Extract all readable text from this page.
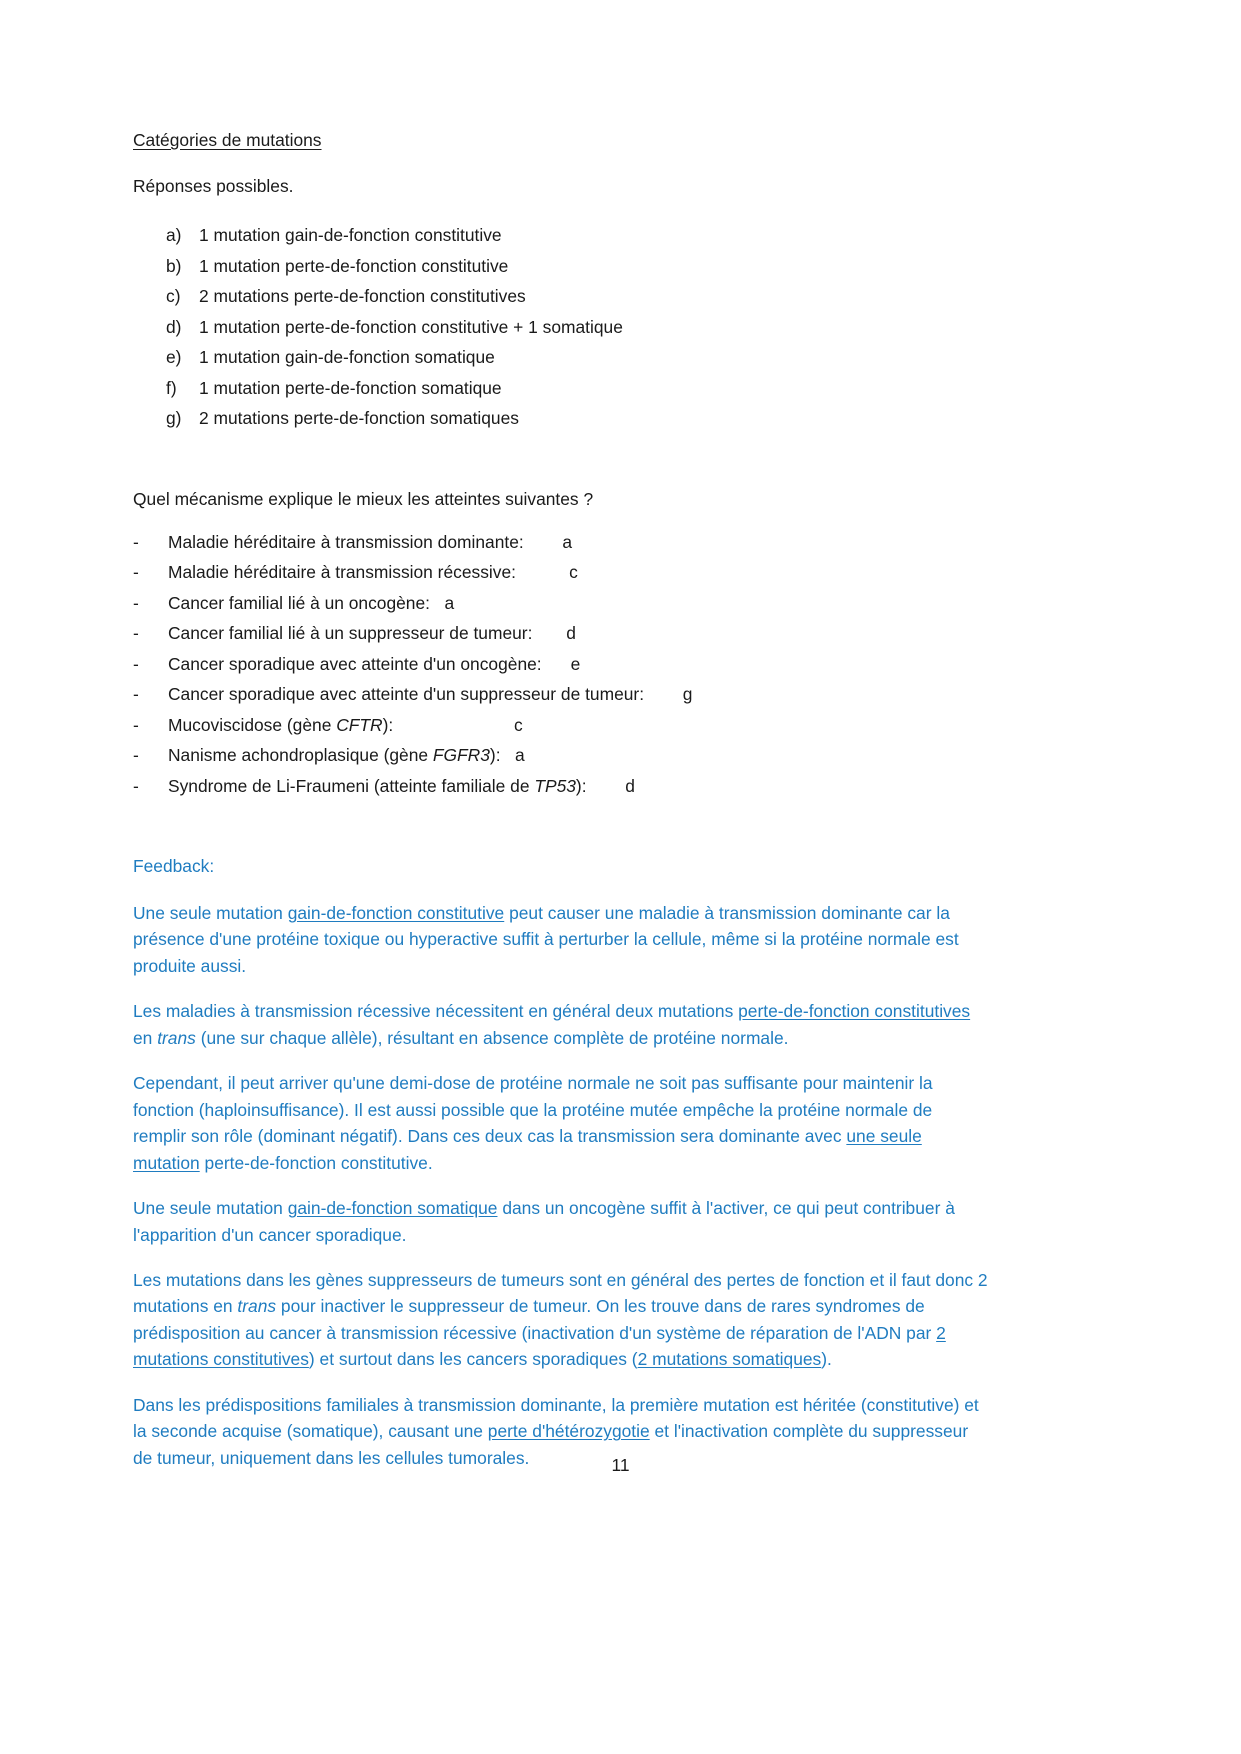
Catégories de mutations
Réponses possibles.
a) 1 mutation gain-de-fonction constitutive
b) 1 mutation perte-de-fonction constitutive
c) 2 mutations perte-de-fonction constitutives
d) 1 mutation perte-de-fonction constitutive + 1 somatique
e) 1 mutation gain-de-fonction somatique
f) 1 mutation perte-de-fonction somatique
g) 2 mutations perte-de-fonction somatiques
Quel mécanisme explique le mieux les atteintes suivantes ?
- Maladie héréditaire à transmission dominante: a
- Maladie héréditaire à transmission récessive:	c
- Cancer familial lié à un oncogène: a
- Cancer familial lié à un suppresseur de tumeur: d
- Cancer sporadique avec atteinte d'un oncogène: e
- Cancer sporadique avec atteinte d'un suppresseur de tumeur: g
- Mucoviscidose (gène CFTR):	c
- Nanisme achondroplasique (gène FGFR3): a
- Syndrome de Li-Fraumeni (atteinte familiale de TP53): d
Feedback:

Une seule mutation gain-de-fonction constitutive peut causer une maladie à transmission dominante car la présence d'une protéine toxique ou hyperactive suffit à perturber la cellule, même si la protéine normale est produite aussi.

Les maladies à transmission récessive nécessitent en général deux mutations perte-de-fonction constitutives en trans (une sur chaque allèle), résultant en absence complète de protéine normale.

Cependant, il peut arriver qu'une demi-dose de protéine normale ne soit pas suffisante pour maintenir la fonction (haploinsuffisance). Il est aussi possible que la protéine mutée empêche la protéine normale de remplir son rôle (dominant négatif). Dans ces deux cas la transmission sera dominante avec une seule mutation perte-de-fonction constitutive.

Une seule mutation gain-de-fonction somatique dans un oncogène suffit à l'activer, ce qui peut contribuer à l'apparition d'un cancer sporadique.

Les mutations dans les gènes suppresseurs de tumeurs sont en général des pertes de fonction et il faut donc 2 mutations en trans pour inactiver le suppresseur de tumeur. On les trouve dans de rares syndromes de prédisposition au cancer à transmission récessive (inactivation d'un système de réparation de l'ADN par 2 mutations constitutives) et surtout dans les cancers sporadiques (2 mutations somatiques).

Dans les prédispositions familiales à transmission dominante, la première mutation est héritée (constitutive) et la seconde acquise (somatique), causant une perte d'hétérozygotie et l'inactivation complète du suppresseur de tumeur, uniquement dans les cellules tumorales.	11
